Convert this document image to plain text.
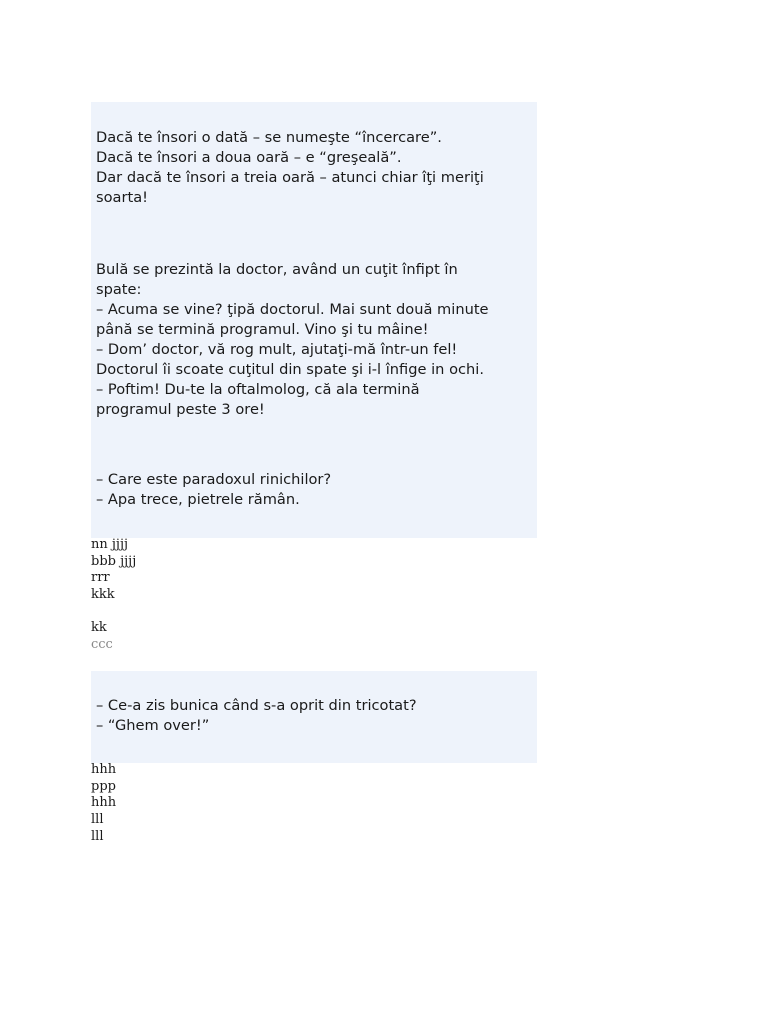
Dacă te însori o dată – se numeşte “încercare”.
Dacă te însori a doua oară – e “greşeală”.
Dar dacă te însori a treia oară – atunci chiar îţi meriţi
soarta!

Bulă se prezintă la doctor, având un cuţit înfipt în
spate:
– Acuma se vine? ţipă doctorul. Mai sunt două minute
până se termină programul. Vino şi tu mâine!
– Dom’ doctor, vă rog mult, ajutaţi-mă într-un fel!
Doctorul îi scoate cuţitul din spate şi i-l înfige in ochi.
– Poftim! Du-te la oftalmolog, că ala termină
programul peste 3 ore!

– Care este paradoxul rinichilor?
– Apa trece, pietrele rămân.

nn jjjj
bbb jjjj
rrr
kkk
kk
ccc

– Ce-a zis bunica când s-a oprit din tricotat?
– “Ghem over!”

hhh
ppp
hhh
lll
lll
